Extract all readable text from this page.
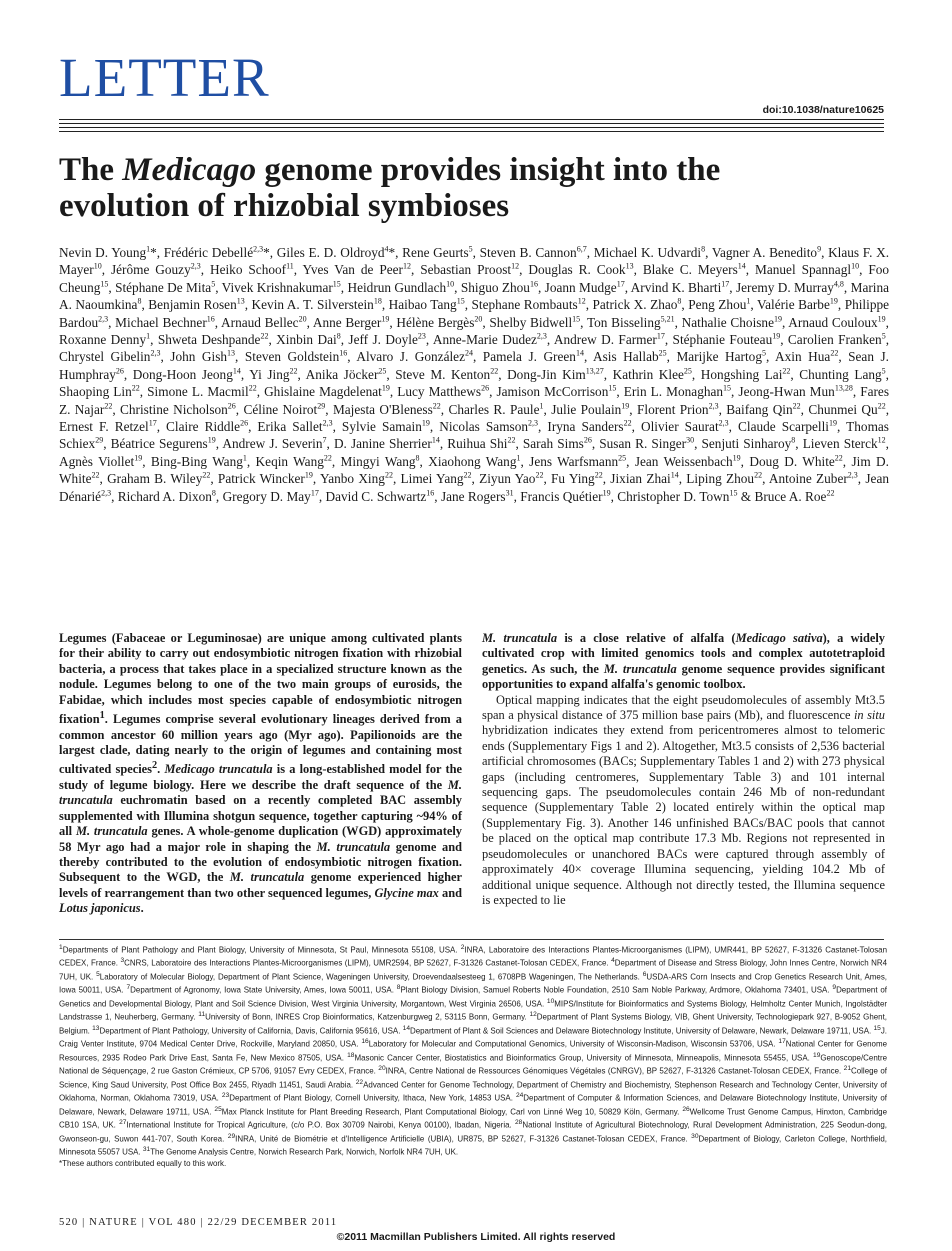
LETTER
doi:10.1038/nature10625
The Medicago genome provides insight into the
evolution of rhizobial symbioses
Nevin D. Young$^1$*, Frédéric Debellé$^{2,3}$*, Giles E. D. Oldroyd$^4$*, Rene Geurts$^5$, Steven B. Cannon$^{6,7}$, Michael K. Udvardi$^8$, Vagner A. Benedito$^9$, Klaus F. X. Mayer$^{10}$, Jérôme Gouzy$^{2,3}$, Heiko Schoof$^{11}$, Yves Van de Peer$^{12}$, Sebastian Proost$^{12}$, Douglas R. Cook$^{13}$, Blake C. Meyers$^{14}$, Manuel Spannagl$^{10}$, Foo Cheung$^{15}$, Stéphane De Mita$^5$, Vivek Krishnakumar$^{15}$, Heidrun Gundlach$^{10}$, Shiguo Zhou$^{16}$, Joann Mudge$^{17}$, Arvind K. Bharti$^{17}$, Jeremy D. Murray$^{4,8}$, Marina A. Naoumkina$^8$, Benjamin Rosen$^{13}$, Kevin A. T. Silverstein$^{18}$, Haibao Tang$^{15}$, Stephane Rombauts$^{12}$, Patrick X. Zhao$^8$, Peng Zhou$^1$, Valérie Barbe$^{19}$, Philippe Bardou$^{2,3}$, Michael Bechner$^{16}$, Arnaud Bellec$^{20}$, Anne Berger$^{19}$, Hélène Bergès$^{20}$, Shelby Bidwell$^{15}$, Ton Bisseling$^{5,21}$, Nathalie Choisne$^{19}$, Arnaud Couloux$^{19}$, Roxanne Denny$^1$, Shweta Deshpande$^{22}$, Xinbin Dai$^8$, Jeff J. Doyle$^{23}$, Anne-Marie Dudez$^{2,3}$, Andrew D. Farmer$^{17}$, Stéphanie Fouteau$^{19}$, Carolien Franken$^5$, Chrystel Gibelin$^{2,3}$, John Gish$^{13}$, Steven Goldstein$^{16}$, Alvaro J. González$^{24}$, Pamela J. Green$^{14}$, Asis Hallab$^{25}$, Marijke Hartog$^5$, Axin Hua$^{22}$, Sean J. Humphray$^{26}$, Dong-Hoon Jeong$^{14}$, Yi Jing$^{22}$, Anika Jöcker$^{25}$, Steve M. Kenton$^{22}$, Dong-Jin Kim$^{13,27}$, Kathrin Klee$^{25}$, Hongshing Lai$^{22}$, Chunting Lang$^5$, Shaoping Lin$^{22}$, Simone L. Macmil$^{22}$, Ghislaine Magdelenat$^{19}$, Lucy Matthews$^{26}$, Jamison McCorrison$^{15}$, Erin L. Monaghan$^{15}$, Jeong-Hwan Mun$^{13,28}$, Fares Z. Najar$^{22}$, Christine Nicholson$^{26}$, Céline Noirot$^{29}$, Majesta O'Bleness$^{22}$, Charles R. Paule$^1$, Julie Poulain$^{19}$, Florent Prion$^{2,3}$, Baifang Qin$^{22}$, Chunmei Qu$^{22}$, Ernest F. Retzel$^{17}$, Claire Riddle$^{26}$, Erika Sallet$^{2,3}$, Sylvie Samain$^{19}$, Nicolas Samson$^{2,3}$, Iryna Sanders$^{22}$, Olivier Saurat$^{2,3}$, Claude Scarpelli$^{19}$, Thomas Schiex$^{29}$, Béatrice Segurens$^{19}$, Andrew J. Severin$^7$, D. Janine Sherrier$^{14}$, Ruihua Shi$^{22}$, Sarah Sims$^{26}$, Susan R. Singer$^{30}$, Senjuti Sinharoy$^8$, Lieven Sterck$^{12}$, Agnès Viollet$^{19}$, Bing-Bing Wang$^1$, Keqin Wang$^{22}$, Mingyi Wang$^8$, Xiaohong Wang$^1$, Jens Warfsmann$^{25}$, Jean Weissenbach$^{19}$, Doug D. White$^{22}$, Jim D. White$^{22}$, Graham B. Wiley$^{22}$, Patrick Wincker$^{19}$, Yanbo Xing$^{22}$, Limei Yang$^{22}$, Ziyun Yao$^{22}$, Fu Ying$^{22}$, Jixian Zhai$^{14}$, Liping Zhou$^{22}$, Antoine Zuber$^{2,3}$, Jean Dénarié$^{2,3}$, Richard A. Dixon$^8$, Gregory D. May$^{17}$, David C. Schwartz$^{16}$, Jane Rogers$^{31}$, Francis Quétier$^{19}$, Christopher D. Town$^{15}$ & Bruce A. Roe$^{22}$

Legumes (Fabaceae or Leguminosae) are unique among cultivated plants for their ability to carry out endosymbiotic nitrogen fixation with rhizobial bacteria, a process that takes place in a specialized structure known as the nodule. Legumes belong to one of the two main groups of eurosids, the Fabidae, which includes most species capable of endosymbiotic nitrogen fixation$^1$. Legumes comprise several evolutionary lineages derived from a common ancestor 60 million years ago (Myr ago). Papilionoids are the largest clade, dating nearly to the origin of legumes and containing most cultivated species$^2$. Medicago truncatula is a long-established model for the study of legume biology. Here we describe the draft sequence of the M. truncatula euchromatin based on a recently completed BAC assembly supplemented with Illumina shotgun sequence, together capturing ~94% of all M. truncatula genes. A whole-genome duplication (WGD) approximately 58 Myr ago had a major role in shaping the M. truncatula genome and thereby contributed to the evolution of endosymbiotic nitrogen fixation. Subsequent to the WGD, the M. truncatula genome experienced higher levels of rearrangement than two other sequenced legumes, Glycine max and Lotus japonicus.

M. truncatula is a close relative of alfalfa (Medicago sativa), a widely cultivated crop with limited genomics tools and complex autotetraploid genetics. As such, the M. truncatula genome sequence provides significant opportunities to expand alfalfa's genomic toolbox.

Optical mapping indicates that the eight pseudomolecules of assembly Mt3.5 span a physical distance of 375 million base pairs (Mb), and fluorescence in situ hybridization indicates they extend from pericentromeres almost to telomeric ends (Supplementary Figs 1 and 2). Altogether, Mt3.5 consists of 2,536 bacterial artificial chromosomes (BACs; Supplementary Tables 1 and 2) with 273 physical gaps (including centromeres, Supplementary Table 3) and 101 internal sequencing gaps. The pseudomolecules contain 246 Mb of non-redundant sequence (Supplementary Table 2) located entirely within the optical map (Supplementary Fig. 3). Another 146 unfinished BACs/BAC pools that cannot be placed on the optical map contribute 17.3 Mb. Regions not represented in pseudomolecules or unanchored BACs were captured through assembly of approximately 40× coverage Illumina sequencing, yielding 104.2 Mb of additional unique sequence. Although not directly tested, the Illumina sequence is expected to lie

$^1$Departments of Plant Pathology and Plant Biology, University of Minnesota, St Paul, Minnesota 55108, USA. $^2$INRA, Laboratoire des Interactions Plantes-Microorganismes (LIPM), UMR441, BP 52627, F-31326 Castanet-Tolosan CEDEX, France. $^3$CNRS, Laboratoire des Interactions Plantes-Microorganismes (LIPM), UMR2594, BP 52627, F-31326 Castanet-Tolosan CEDEX, France. $^4$Department of Disease and Stress Biology, John Innes Centre, Norwich NR4 7UH, UK. $^5$Laboratory of Molecular Biology, Department of Plant Science, Wageningen University, Droevendaalsesteeg 1, 6708PB Wageningen, The Netherlands. $^6$USDA-ARS Corn Insects and Crop Genetics Research Unit, Ames, Iowa 50011, USA. $^7$Department of Agronomy, Iowa State University, Ames, Iowa 50011, USA. $^8$Plant Biology Division, Samuel Roberts Noble Foundation, 2510 Sam Noble Parkway, Ardmore, Oklahoma 73401, USA. $^9$Department of Genetics and Developmental Biology, Plant and Soil Science Division, West Virginia University, Morgantown, West Virginia 26506, USA. $^{10}$MIPS/Institute for Bioinformatics and Systems Biology, Helmholtz Center Munich, Ingolstädter Landstrasse 1, Neuherberg, Germany. $^{11}$University of Bonn, INRES Crop Bioinformatics, Katzenburgweg 2, 53115 Bonn, Germany. $^{12}$Department of Plant Systems Biology, VIB, Ghent University, Technologiepark 927, B-9052 Ghent, Belgium. $^{13}$Department of Plant Pathology, University of California, Davis, California 95616, USA. $^{14}$Department of Plant & Soil Sciences and Delaware Biotechnology Institute, University of Delaware, Newark, Delaware 19711, USA. $^{15}$J. Craig Venter Institute, 9704 Medical Center Drive, Rockville, Maryland 20850, USA. $^{16}$Laboratory for Molecular and Computational Genomics, University of Wisconsin-Madison, Wisconsin 53706, USA. $^{17}$National Center for Genome Resources, 2935 Rodeo Park Drive East, Santa Fe, New Mexico 87505, USA. $^{18}$Masonic Cancer Center, Biostatistics and Bioinformatics Group, University of Minnesota, Minneapolis, Minnesota 55455, USA. $^{19}$Genoscope/Centre National de Séquençage, 2 rue Gaston Crémieux, CP 5706, 91057 Evry CEDEX, France. $^{20}$INRA, Centre National de Ressources Génomiques Végétales (CNRGV), BP 52627, F-31326 Castanet-Tolosan CEDEX, France. $^{21}$College of Science, King Saud University, Post Office Box 2455, Riyadh 11451, Saudi Arabia. $^{22}$Advanced Center for Genome Technology, Department of Chemistry and Biochemistry, Stephenson Research and Technology Center, University of Oklahoma, Norman, Oklahoma 73019, USA. $^{23}$Department of Plant Biology, Cornell University, Ithaca, New York, 14853 USA. $^{24}$Department of Computer & Information Sciences, and Delaware Biotechnology Institute, University of Delaware, Newark, Delaware 19711, USA. $^{25}$Max Planck Institute for Plant Breeding Research, Plant Computational Biology, Carl von Linné Weg 10, 50829 Köln, Germany. $^{26}$Wellcome Trust Genome Campus, Hinxton, Cambridge CB10 1SA, UK. $^{27}$International Institute for Tropical Agriculture, (c/o P.O. Box 30709 Nairobi, Kenya 00100), Ibadan, Nigeria. $^{28}$National Institute of Agricultural Biotechnology, Rural Development Administration, 225 Seodun-dong, Gwonseon-gu, Suwon 441-707, South Korea. $^{29}$INRA, Unité de Biométrie et d'Intelligence Artificielle (UBIA), UR875, BP 52627, F-31326 Castanet-Tolosan CEDEX, France. $^{30}$Department of Biology, Carleton College, Northfield, Minnesota 55057 USA. $^{31}$The Genome Analysis Centre, Norwich Research Park, Norwich, Norfolk NR4 7UH, UK.
*These authors contributed equally to this work.
520 | NATURE | VOL 480 | 22/29 DECEMBER 2011
©2011 Macmillan Publishers Limited. All rights reserved
